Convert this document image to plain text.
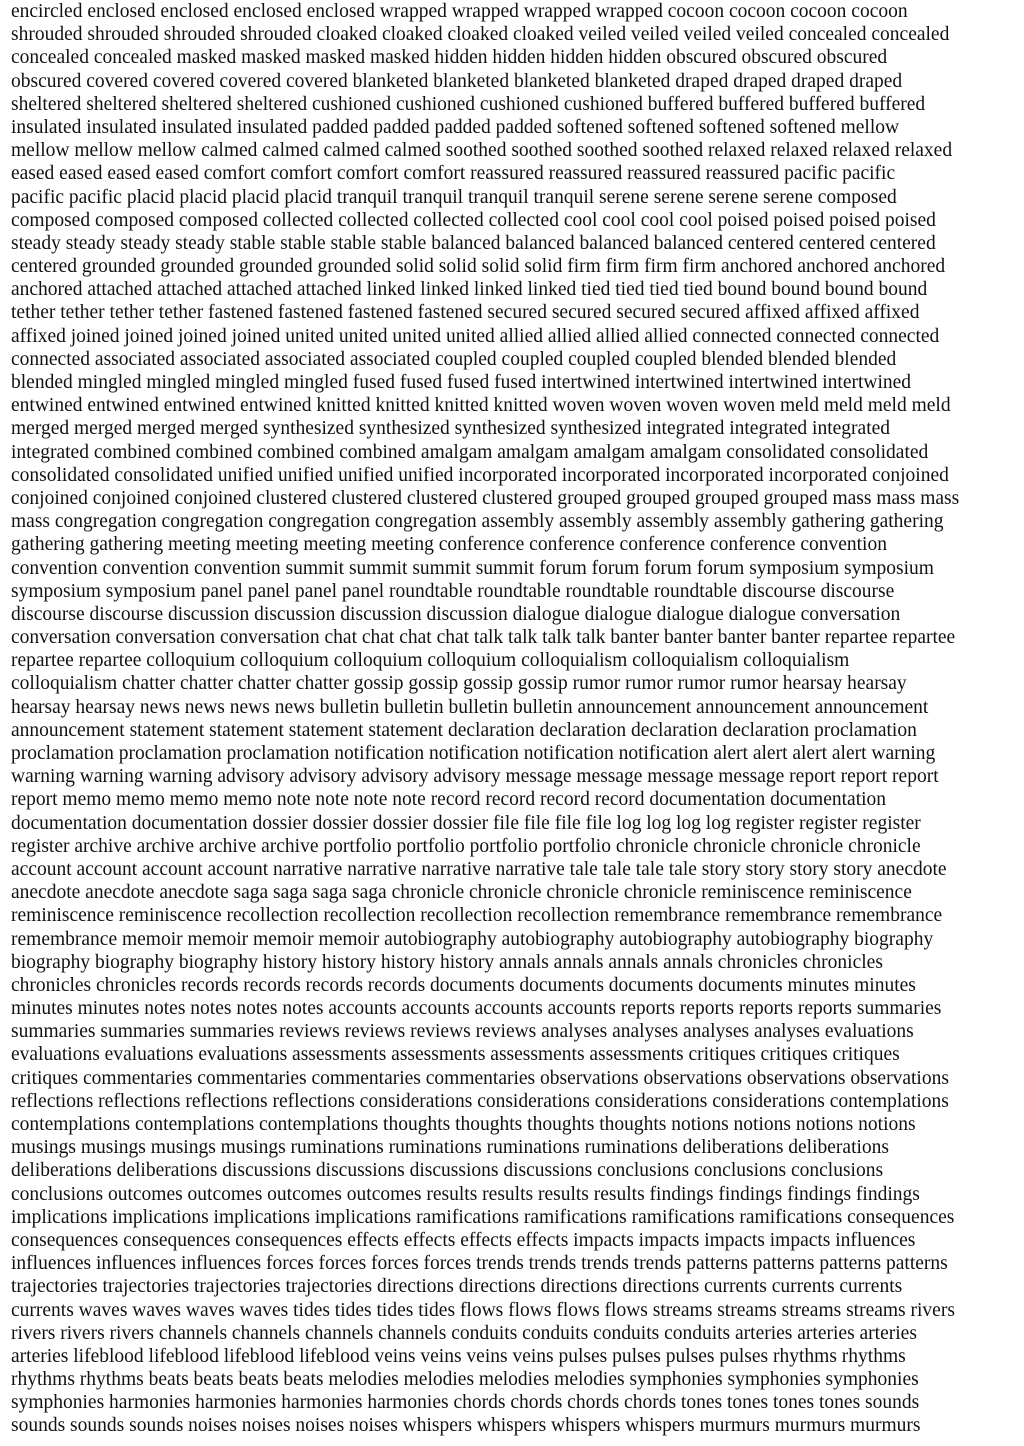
encircled enclosed enclosed enclosed enclosed wrapped wrapped wrapped wrapped cocoon cocoon cocoon cocoon

shrouded shrouded shrouded shrouded cloaked cloaked cloaked cloaked veiled veiled veiled veiled concealed concealed

concealed concealed masked masked masked masked hidden hidden hidden hidden obscured obscured obscured

obscured covered covered covered covered blanketed blanketed blanketed blanketed draped draped draped draped

sheltered sheltered sheltered sheltered cushioned cushioned cushioned cushioned buffered buffered buffered buffered

insulated insulated insulated insulated padded padded padded padded softened softened softened softened mellow

mellow mellow mellow calmed calmed calmed calmed soothed soothed soothed soothed relaxed relaxed relaxed relaxed

eased eased eased eased comfort comfort comfort comfort reassured reassured reassured reassured pacific pacific

pacific pacific placid placid placid placid tranquil tranquil tranquil tranquil serene serene serene serene composed

composed composed composed collected collected collected collected cool cool cool cool poised poised poised poised

steady steady steady steady stable stable stable stable balanced balanced balanced balanced centered centered centered

centered grounded grounded grounded grounded solid solid solid solid firm firm firm firm anchored anchored anchored

anchored attached attached attached attached linked linked linked linked tied tied tied tied bound bound bound bound

tether tether tether tether fastened fastened fastened fastened secured secured secured secured affixed affixed affixed

affixed joined joined joined joined united united united united allied allied allied allied connected connected connected

connected associated associated associated associated coupled coupled coupled coupled blended blended blended

blended mingled mingled mingled mingled fused fused fused fused intertwined intertwined intertwined intertwined

entwined entwined entwined entwined knitted knitted knitted knitted woven woven woven woven meld meld meld meld

merged merged merged merged synthesized synthesized synthesized synthesized integrated integrated integrated

integrated combined combined combined combined amalgam amalgam amalgam amalgam consolidated consolidated

consolidated consolidated unified unified unified unified incorporated incorporated incorporated incorporated conjoined

conjoined conjoined conjoined clustered clustered clustered clustered grouped grouped grouped grouped mass mass mass

mass congregation congregation congregation congregation assembly assembly assembly assembly gathering gathering

gathering gathering meeting meeting meeting meeting conference conference conference conference convention

convention convention convention summit summit summit summit forum forum forum forum symposium symposium

symposium symposium panel panel panel panel roundtable roundtable roundtable roundtable discourse discourse

discourse discourse discussion discussion discussion discussion dialogue dialogue dialogue dialogue conversation

conversation conversation conversation chat chat chat chat talk talk talk talk banter banter banter banter repartee repartee

repartee repartee colloquium colloquium colloquium colloquium colloquialism colloquialism colloquialism

colloquialism chatter chatter chatter chatter gossip gossip gossip gossip rumor rumor rumor rumor hearsay hearsay

hearsay hearsay news news news news bulletin bulletin bulletin bulletin announcement announcement announcement

announcement statement statement statement statement declaration declaration declaration declaration proclamation

proclamation proclamation proclamation notification notification notification notification alert alert alert alert warning

warning warning warning advisory advisory advisory advisory message message message message report report report

report memo memo memo memo note note note note record record record record documentation documentation

documentation documentation dossier dossier dossier dossier file file file file log log log log register register register

register archive archive archive archive portfolio portfolio portfolio portfolio chronicle chronicle chronicle chronicle

account account account account narrative narrative narrative narrative tale tale tale tale story story story story anecdote

anecdote anecdote anecdote saga saga saga saga chronicle chronicle chronicle chronicle reminiscence reminiscence

reminiscence reminiscence recollection recollection recollection recollection remembrance remembrance remembrance

remembrance memoir memoir memoir memoir autobiography autobiography autobiography autobiography biography

biography biography biography history history history history annals annals annals annals chronicles chronicles

chronicles chronicles records records records records documents documents documents documents minutes minutes

minutes minutes notes notes notes notes accounts accounts accounts accounts reports reports reports reports summaries

summaries summaries summaries reviews reviews reviews reviews analyses analyses analyses analyses evaluations

evaluations evaluations evaluations assessments assessments assessments assessments critiques critiques critiques

critiques commentaries commentaries commentaries commentaries observations observations observations observations

reflections reflections reflections reflections considerations considerations considerations considerations contemplations

contemplations contemplations contemplations thoughts thoughts thoughts thoughts notions notions notions notions

musings musings musings musings ruminations ruminations ruminations ruminations deliberations deliberations

deliberations deliberations discussions discussions discussions discussions conclusions conclusions conclusions

conclusions outcomes outcomes outcomes outcomes results results results results findings findings findings findings

implications implications implications implications ramifications ramifications ramifications ramifications consequences

consequences consequences consequences effects effects effects effects impacts impacts impacts impacts influences

influences influences influences forces forces forces forces trends trends trends trends patterns patterns patterns patterns

trajectories trajectories trajectories trajectories directions directions directions directions currents currents currents

currents waves waves waves waves tides tides tides tides flows flows flows flows streams streams streams streams rivers

rivers rivers rivers channels channels channels channels conduits conduits conduits conduits arteries arteries arteries

arteries lifeblood lifeblood lifeblood lifeblood veins veins veins veins pulses pulses pulses pulses rhythms rhythms

rhythms rhythms beats beats beats beats melodies melodies melodies melodies symphonies symphonies symphonies

symphonies harmonies harmonies harmonies harmonies chords chords chords chords tones tones tones tones sounds

sounds sounds sounds noises noises noises noises whispers whispers whispers whispers murmurs murmurs murmurs
